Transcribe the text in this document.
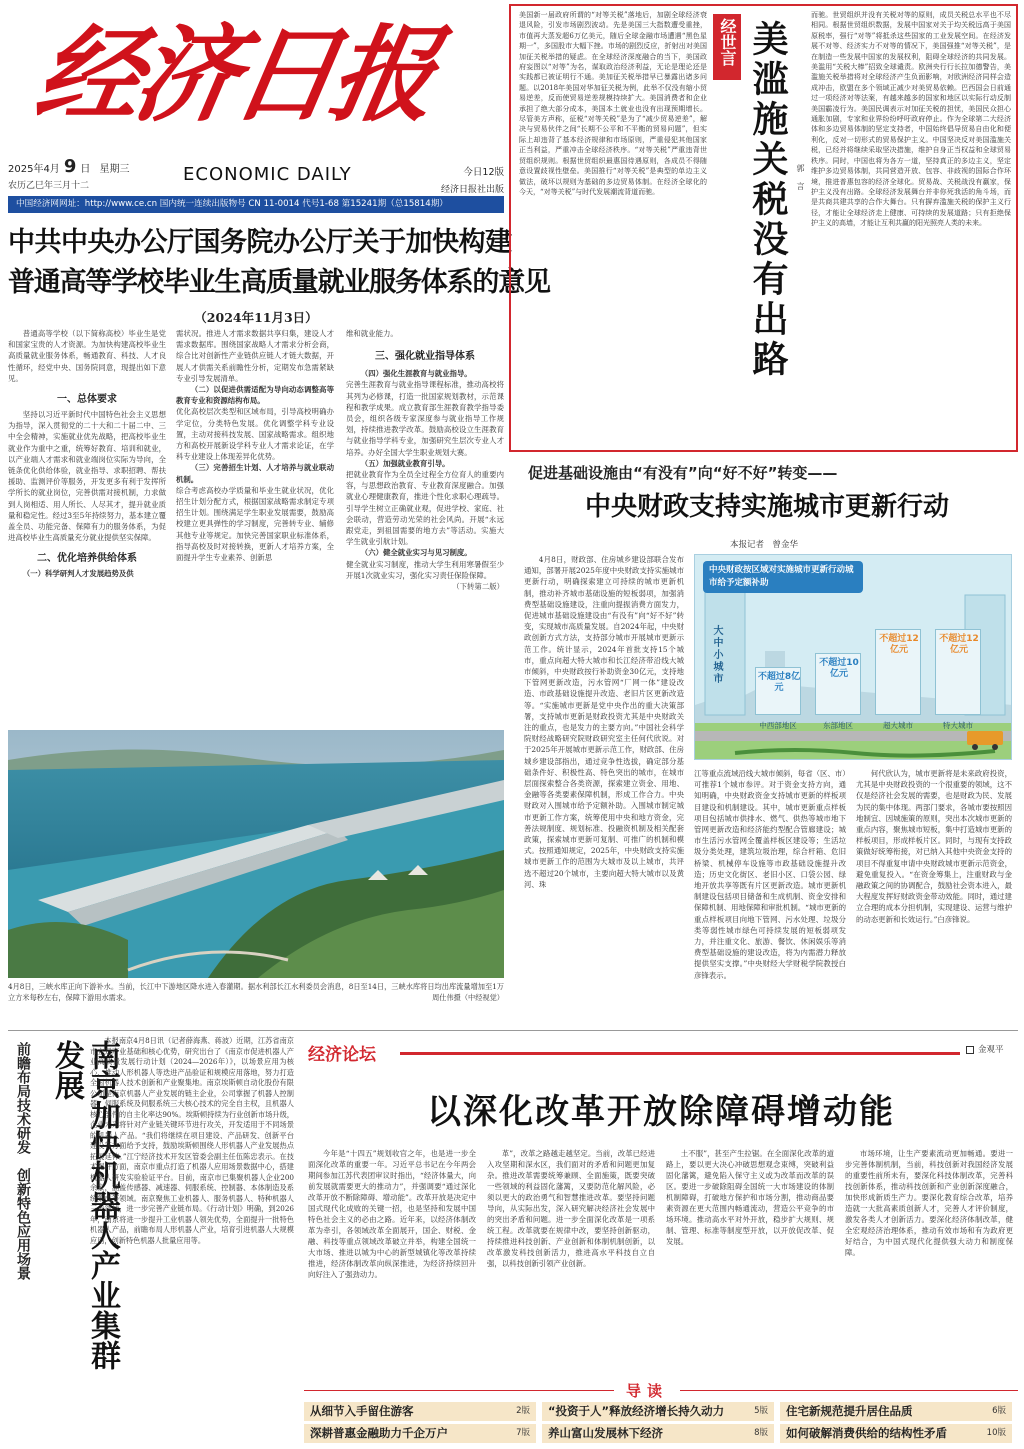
经济日报
2025年4月 9 日 星期三
农历乙巳年三月十二
ECONOMIC DAILY	今日12版
经济日报社出版
中国经济网网址：http://www.ce.cn 国内统一连续出版物号 CN 11-0014 代号1-68 第15241期（总15814期）
中共中央办公厅国务院办公厅关于加快构建
普通高等学校毕业生高质量就业服务体系的意见
（2024年11月3日）
普通高等学校（以下简称高校）毕业生是党和国家宝贵的人才资源。为加快构建高校毕业生高质量就业服务体系，畅通教育、科技、人才良性循环，经党中央、国务院同意，现提出如下意见。
一、总体要求
坚持以习近平新时代中国特色社会主义思想为指导，深入贯彻党的二十大和二十届二中、三中全会精神，实施就业优先战略，把高校毕业生就业作为重中之重，统筹好教育、培训和就业，以产业端人才需求和就业端岗位实际为导向，全链条优化供给体验，就业指导、求职招聘、帮扶援助、监测评价等服务，开发更多有利于发挥所学所长的就业岗位，完善供需对接机制，力求做到人岗相适、用人所长、人尽其才，提升就业质量和稳定性。经过3至5年持续努力，基本建立覆盖全员、功能完备、保障有力的服务体系，为促进高校毕业生高质量充分就业提供坚实保障。
二、优化培养供给体系
（一）科学研判人才发展趋势及供
需状况。推进人才需求数据共享归集，建设人才需求数据库。围绕国家战略人才需求分析会商，综合比对创新性产业链供应链人才链大数据，开展人才供需关系前瞻性分析，定期发布急需紧缺专业引导发展清单。
（二）以促进供需适配为导向动态调整高等教育专业和资源结构布局。
优化高校层次类型和区域布局，引导高校明确办学定位，分类特色发展。优化调整学科专业设置，主动对接科技发展、国家战略需求。组织地方和高校开展新设学科专业人才需求论证，在学科专业建设上体现差异化优势。
（三）完善招生计划、人才培养与就业联动机制。
综合考虑高校办学质量和毕业生就业状况，优化招生计划分配方式，根据国家战略需求制定专项招生计划。围绕满足学生职业发展需要，鼓励高校建立更具弹性的学习制度，完善转专业、辅修其他专业等规定。加快完善国家职业标准体系，指导高校及时对接转换，更新人才培养方案，全面提升学生专业素养、创新思
维和就业能力。
三、强化就业指导体系
（四）强化生涯教育与就业指导。
完善生涯教育与就业指导课程标准，推动高校将其列为必修课，打造一批国家规划教材，示范课程和教学成果。成立教育部生涯教育教学指导委员会，组织各级专家深度参与就业指导工作规划，持续推进教学改革。鼓励高校设立生涯教育与就业指导学科专业，加强研究生层次专业人才培养。办好全国大学生职业规划大赛。
（五）加强就业教育引导。
把就业教育作为全员全过程全方位育人的重要内容，与思想政治教育、专业教育深度融合。加强就业心理健康教育，推进个性化求职心理疏导。引导学生树立正确就业观，促进学校、家庭、社会联动，营造劳动光荣的社会风尚。开展“永远跟党走，到祖国需要的地方去”等活动。实施大学生就业引航计划。
（六）健全就业实习与见习制度。
健全就业实习制度，推动大学生利用寒暑假至少开展1次就业实习，强化实习责任保险保障。
（下转第二版）
4月8日，三峡水库正向下游补水。当前，长江中下游地区降水进入春灌期。据水利部长江水利委员会消息，8日至14日，三峡水库将日均出库流量增加至1万立方米每秒左右，保障下游用水需求。	周仕伟摄（中经视觉）
美国新一届政府所谓的“对等关税”落地后，加剧全球经济衰退风险，引发市场剧烈波动。先是美国三大指数遭受重挫，市值再大蒸发超6万亿美元，随后全球金融市场遭遇“黑色星期一”，多国股市大幅下挫。市场的剧烈反应，折射出对美国加征关税举措的疑虑。在全球经济深度融合的当下，美国政府妄图以“对等”为名，谋取政治经济利益，无论是理论还是实践都已被证明行不通。美加征关税举措早已暴露出诸多问题。以2018年美国对华加征关税为例，此举不仅没有缩小贸易逆差，反而使贸易逆差规模持续扩大。美国消费者和企业承担了绝大部分成本，美国本土就业也没有出现预期增长。尽管美方声称，征税“对等关税”是为了“减少贸易逆差”，解决与贸易伙伴之间“长期不公平和不平衡的贸易问题”，但实际上却违背了基本经济规律和市场原则，严重侵犯其他国家正当利益，严重冲击全球经济秩序。“对等关税”严重违背世贸组织规则。根据世贸组织最惠国待遇原则，各成员不得随意设置歧视性壁垒。美国推行“对等关税”是典型的单边主义做法，破坏以规则为基础的多边贸易体制。在经济全球化的今天，“对等关税”与时代发展潮流背道而驰。
经世言 美滥施关税没有出路 郭言
而驰。世贸组织并没有关税对等的原则，成员关税总水平也不尽相同。根据世贸组织数据，发展中国家对关于均关税远高于美国原税率，强行“对等”将抵杀这些国家的工业发展空间。在经济发展不对等、经济实力不对等的情况下，美国强推“对等关税”，是在制造一些发展中国家的发展权利，阻碍全球经济的共同发展。美滥用“关税大棒”招致全球谴责。欧洲央行行长拉加德警告，美滥施关税举措将对全球经济产生负面影响，对欧洲经济同样会造成冲击，欧盟在多个领域正减少对美贸易依赖。巴西国会日前通过一项经济对等法案，有越来越多的国家和地区以实际行动反制美国霸凌行为。美国民调表示对加征关税的担忧，美国民众担心通胀加剧，专家和业界纷纷呼吁政府停止。作为全球第二大经济体和多边贸易体制的坚定支持者，中国始终倡导贸易自由化和便利化，反对一切形式的贸易保护主义。中国坚决反对美国滥施关税，已经并将继续采取坚决措施，维护自身正当权益和全球贸易秩序。同时，中国也将为各方一道，坚持真正的多边主义，坚定维护多边贸易体制，共同营造开放、包容、非歧视的国际合作环境，推进普惠包容的经济全球化。贸易战、关税战没有赢家，保护主义没有出路。全球经济发展舞台并非你死我活的角斗场，而是共商共建共享的合作大舞台。只有摒弃滥施关税的保护主义行径，才能让全球经济走上健康、可持续的发展道路；只有拒绝保护主义的高墙，才能让互利共赢的阳光照亮人类的未来。
促进基础设施由“有没有”向“好不好”转变——
中央财政支持实施城市更新行动
本报记者　曾金华
4月8日，财政部、住房城乡建设部联合发布通知，部署开展2025年度中央财政支持实施城市更新行动，明确探索建立可持续的城市更新机制，推动补齐城市基础设施的短板弱项，加强消费型基础设施建设，注重向提振消费方面发力，促进城市基础设施建设由“有没有”向“好不好”转变，实现城市高质量发展。自2024年起，中央财政创新方式方法，支持部分城市开展城市更新示范工作。统计显示，2024年首批支持15个城市，重点向超大特大城市和长江经济带沿线大城市倾斜，中央财政按行补助资金30亿元，支持地下管网更新改造，污水管网“厂网一体”建设改造、市政基础设施提升改造、老旧片区更新改造等。“实施城市更新是党中央作出的重大决策部署，支持城市更新是财政投资尤其是中央财政关注的重点，也是发力的主要方向。”中国社会科学院财经战略研究院财政研究室主任何代欣说。对于2025年开展城市更新示范工作，财政部、住房城乡建设部指出，通过竞争性选拔，确定部分基础条件好、积极性高、特色突出的城市，在城市层面探索整合各类资源，探索建立资金、用地、金融等各类要素保障机制，形成工作合力。中央财政对入围城市给予定额补助。入围城市制定城市更新工作方案，统筹使用中央和地方资金，完善法规制度、规划标准、投融资机制及相关配套政策，探索城市更新可复制、可推广的机制和模式。按照通知规定，2025年，中央财政支持实施城市更新工作的范围为大城市及以上城市，共评选不超过20个城市，主要向超大特大城市以及黄河、珠
中央财政按区域对实施城市更新行动城市给予定额补助
大中小城市	不超过8亿元
中西部地区
不超过10亿元
东部地区
不超过12亿元
超大城市
不超过12亿元
特大城市
江等重点流域沿线大城市倾斜，每省（区、市）可推荐1个城市参评。对于资金支持方向，通知明确，中央财政资金支持城市更新的样板项目建设和机制建设。其中，城市更新重点样板项目包括城市供排水、燃气、供热等城市地下管网更新改造和经济能约型配合管廊建设；城市生活污水管网全覆盖样板区建设等；生活垃圾分类处理，建筑垃圾治理，综合杆箱、危旧桥梁、机械停车设施等市政基础设施提升改造；历史文化街区、老旧小区、口袋公园、绿地开放共享等既有片区更新改造。城市更新机制建设包括项目储备和生成机制、资金安排和保障机制、用地保障和审批机制。“城市更新的重点样板项目向地下管网、污水处理、垃圾分类等弱性城市绿色可持续发展的短板弱项发力，并注重文化、旅游、餐饮、休闲娱乐等消费型基础设施的建设改造，将为内需潜力释放提供坚实支撑。”中央财经大学财税学院教授白彦锋表示。
何代欣认为，城市更新将是未来政府投资，尤其是中央财政投资的一个很重要的领域，这不仅是经济社会发展的需要，也是财政为民、发展为民的集中体现。两部门要求，各城市要按照因地制宜、因城施策的原则，突出本次城市更新的重点内容，聚焦城市短板，集中打造城市更新的样板项目，形成样板片区。同时，与现有支持政策做好统筹衔接，对已纳入其他中央资金支持的项目不得重复申请中央财政城市更新示范资金，避免重复投入。“在资金筹集上，注重财政与金融政策之间的协调配合，鼓励社会资本进入，最大程度发挥好财政资金带动效能。同时，通过建立合理的成本分担机制，实现建设、运营与维护的动态更新和长效运行。”白彦锋说。
前瞻布局技术研发　创新特色应用场景	南京加快机器人产业集群发展	本报南京4月8日讯（记者薛海燕、蒋波）近期，江苏省南京市立足产业基础和核心优势，研究出台了《南京市促进机器人产业高质量发展行动计划（2024—2026年）》，以场景应用为核心，推动人形机器人等迭进产品验证和规模应用落地，努力打造全国机器人技术创新和产业聚集地。南京埃斯顿自动化股份有限公司是南京机器人产业发展的链主企业，公司掌握了机器人控制器、伺服系统及伺服系统三大核心技术的完全自主权，且机器人核心部件的自主化率达90%。埃斯顿持续为行业创新市场升级，企业未来将针对产业链关键环节进行攻关，开发适用于不同场景的机器人产品。“我们将继续在项目建设、产品研发、创新平台建设等方面给予支持，鼓励埃斯顿围绕人形机器人产业发展热点拓展延伸。”江宁经济技术开发区管委会副主任伍陈忠表示。在技术提升方面，南京市重点打造了机器人应用场景数据中心，搭建机器人研发实验验证平台。目前，南京市已集聚机器人企业200余家，涵盖传感器、减速器、伺服系统、控制器、本体制造及系统集成等领域。南京聚焦工业机器人、服务机器人、特种机器人三大领域，进一步完善产业链布局。《行动计划》明确，到2026年，南京将进一步提升工业机器人领先优势，全面提升一批特色机器人产品，前瞻布局人形机器人产业，培育引进机器人大规模应用，创新特色机器人批量应用等。
经济论坛	金观平
以深化改革开放除障碍增动能
今年是“十四五”规划收官之年，也是进一步全面深化改革的重要一年。习近平总书记在今年两会期间参加江苏代表团审议时指出，“经济体量大，向前发展就需要更大的推动力”，并强调要“通过深化改革开放不断除障碍、增动能”。改革开放是决定中国式现代化成败的关键一招，也是坚持和发展中国特色社会主义的必由之路。近年来，以经济体制改革为牵引，各领域改革全面展开，国企、财税、金融、科技等重点领域改革破立并举，构建全国统一大市场、推进以城为中心的新型城镇化等改革持续推进，经济体制改革向纵深推进，为经济持续回升向好注入了强劲动力。
革”，改革之路越走越坚定。当前，改革已经进入攻坚期和深水区，我们面对的矛盾和问题更加复杂。推进改革需要统筹兼顾、全面施策，既要突破一些领域的利益固化藩篱，又要防范化解风险，必须以更大的政治勇气和智慧推进改革。要坚持问题导向，从实际出发，深入研究解决经济社会发展中的突出矛盾和问题。进一步全面深化改革是一项系统工程。改革就要在规律中改，要坚持创新驱动，持续推进科技创新、产业创新和体制机制创新，以改革激发科技创新活力，推进高水平科技自立自强，以科技创新引领产业创新。
土不服”，甚至产生拉锯。在全面深化改革的道路上，要以更大决心冲破思想观念束缚，突破利益固化藩篱，避免陷入保守主义或为改革而改革的误区。要进一步破除阻碍全国统一大市场建设的体制机制障碍，打破地方保护和市场分割，推动商品要素资源在更大范围内畅通流动，营造公平竞争的市场环境。推动高水平对外开放，稳步扩大规则、规制、管理、标准等制度型开放，以开放促改革、促发展。
市场环境，让生产要素流动更加畅通。要进一步完善体制机制，当前，科技创新对我国经济发展的重要性前所未有，要深化科技体制改革，完善科技创新体系，推动科技创新和产业创新深度融合，加快形成新质生产力。要深化教育综合改革，培养造就一大批高素质创新人才，完善人才评价制度，激发各类人才创新活力。要深化经济体制改革，健全宏观经济治理体系，推动有效市场和有为政府更好结合，为中国式现代化提供强大动力和制度保障。
导读
从细节入手留住游客	2版 “投资于人”释放经济增长持久动力	5版 住宅新规范提升居住品质	6版
深耕普惠金融助力千企万户	7版 养山富山发展林下经济	8版 如何破解消费供给的结构性矛盾	10版
